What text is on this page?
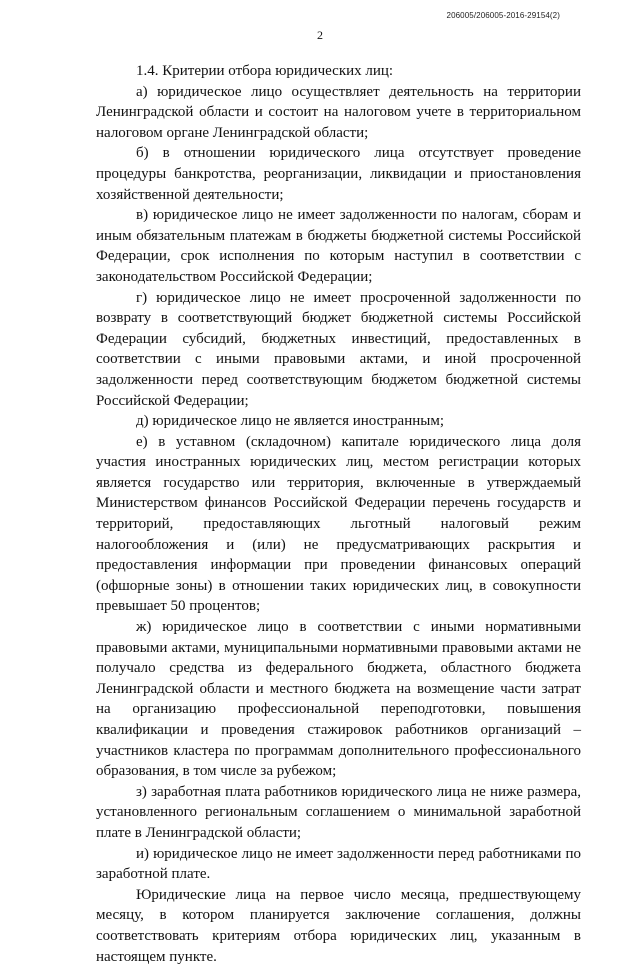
206005/206005-2016-29154(2)
2

1.4. Критерии отбора юридических лиц:

а) юридическое лицо осуществляет деятельность на территории Ленинградской области и состоит на налоговом учете в территориальном налоговом органе Ленинградской области;

б) в отношении юридического лица отсутствует проведение процедуры банкротства, реорганизации, ликвидации и приостановления хозяйственной деятельности;

в) юридическое лицо не имеет задолженности по налогам, сборам и иным обязательным платежам в бюджеты бюджетной системы Российской Федерации, срок исполнения по которым наступил в соответствии с законодательством Российской Федерации;

г) юридическое лицо не имеет просроченной задолженности по возврату в соответствующий бюджет бюджетной системы Российской Федерации субсидий, бюджетных инвестиций, предоставленных в соответствии с иными правовыми актами, и иной просроченной задолженности перед соответствующим бюджетом бюджетной системы Российской Федерации;

д) юридическое лицо не является иностранным;

е) в уставном (складочном) капитале юридического лица доля участия иностранных юридических лиц, местом регистрации которых является государство или территория, включенные в утверждаемый Министерством финансов Российской Федерации перечень государств и территорий, предоставляющих льготный налоговый режим налогообложения и (или) не предусматривающих раскрытия и предоставления информации при проведении финансовых операций (офшорные зоны) в отношении таких юридических лиц, в совокупности превышает 50 процентов;

ж) юридическое лицо в соответствии с иными нормативными правовыми актами, муниципальными нормативными правовыми актами не получало средства из федерального бюджета, областного бюджета Ленинградской области и местного бюджета на возмещение части затрат на организацию профессиональной переподготовки, повышения квалификации и проведения стажировок работников организаций – участников кластера по программам дополнительного профессионального образования, в том числе за рубежом;

з) заработная плата работников юридического лица не ниже размера, установленного региональным соглашением о минимальной заработной плате в Ленинградской области;

и) юридическое лицо не имеет задолженности перед работниками по заработной плате.

Юридические лица на первое число месяца, предшествующему месяцу, в котором планируется заключение соглашения, должны соответствовать критериям отбора юридических лиц, указанным в настоящем пункте.
